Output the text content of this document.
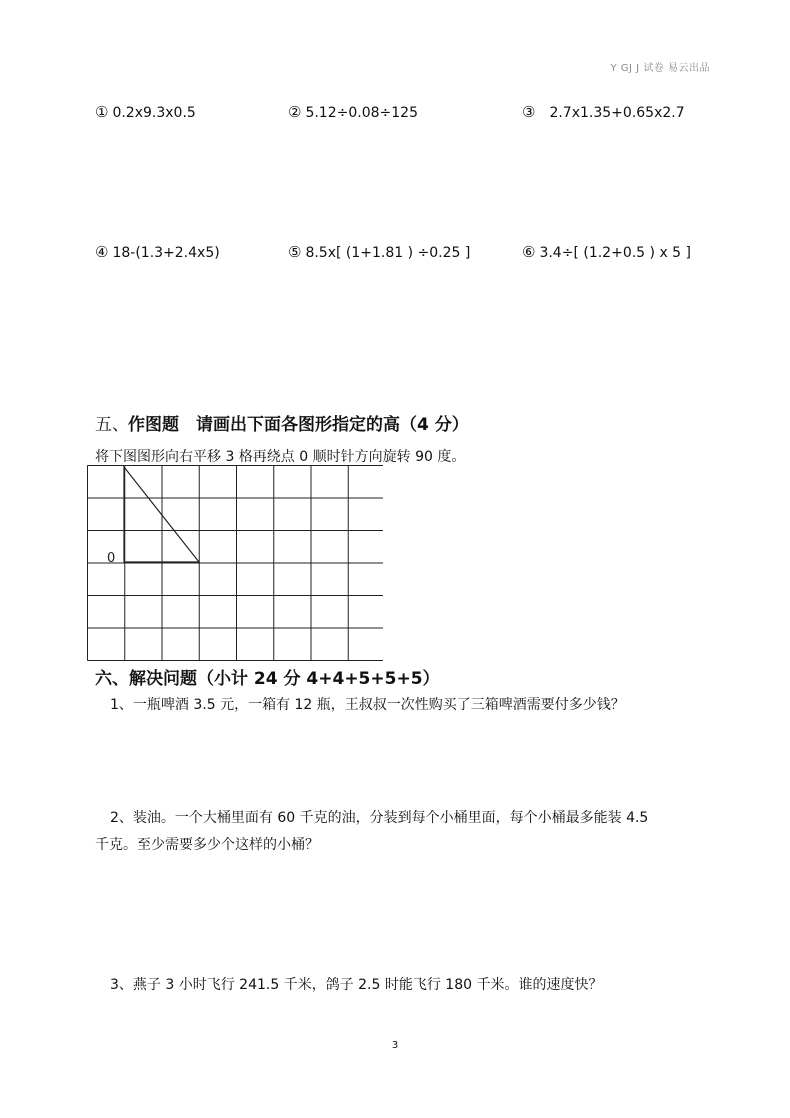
Y GJ J 试卷 易云出品
① 0.2x9.3x0.5	② 5.12÷0.08÷125	③ 2.7x1.35+0.65x2.7
④ 18-(1.3+2.4x5)	⑤ 8.5x[ (1+1.81 ) ÷0.25 ]	⑥ 3.4÷[ (1.2+0.5 ) x 5 ]
五、 作图题　请画出下面各图形指定的高（4 分）
将下图图形向右平移 3 格再绕点 0 顺时针方向旋转 90 度。
0
六、解决问题（小计 24 分 4+4+5+5+5）
1、一瓶啤酒 3.5 元，一箱有 12 瓶，王叔叔一次性购买了三箱啤酒需要付多少钱？
2、装油。一个大桶里面有 60 千克的油，分装到每个小桶里面，每个小桶最多能装 4.5
千克。至少需要多少个这样的小桶？
3、燕子 3 小时飞行 241.5 千米，鸽子 2.5 时能飞行 180 千米。谁的速度快？
3
